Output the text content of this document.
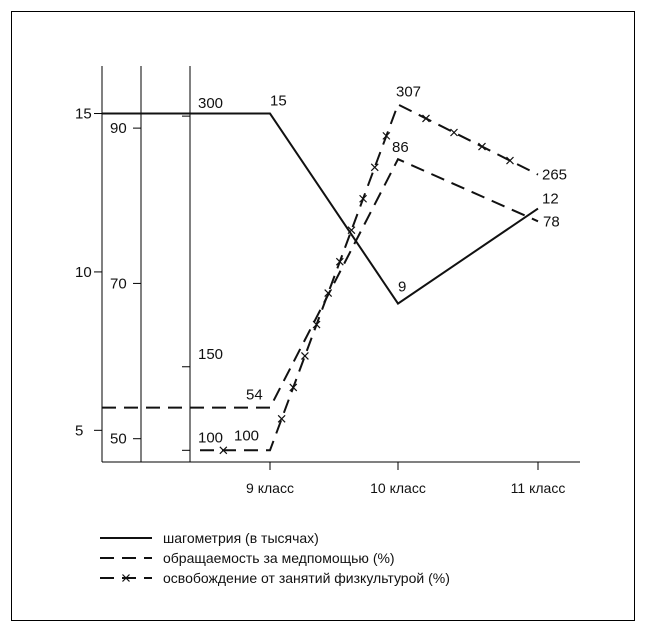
5
10
15
50
70
90
100
150
300
9 класс	10 класс	11 класс
15
9
12
54
86
78
100
307
265
шагометрия (в тысячах)
обращаемость за медпомощью (%)
освобождение от занятий физкультурой (%)
